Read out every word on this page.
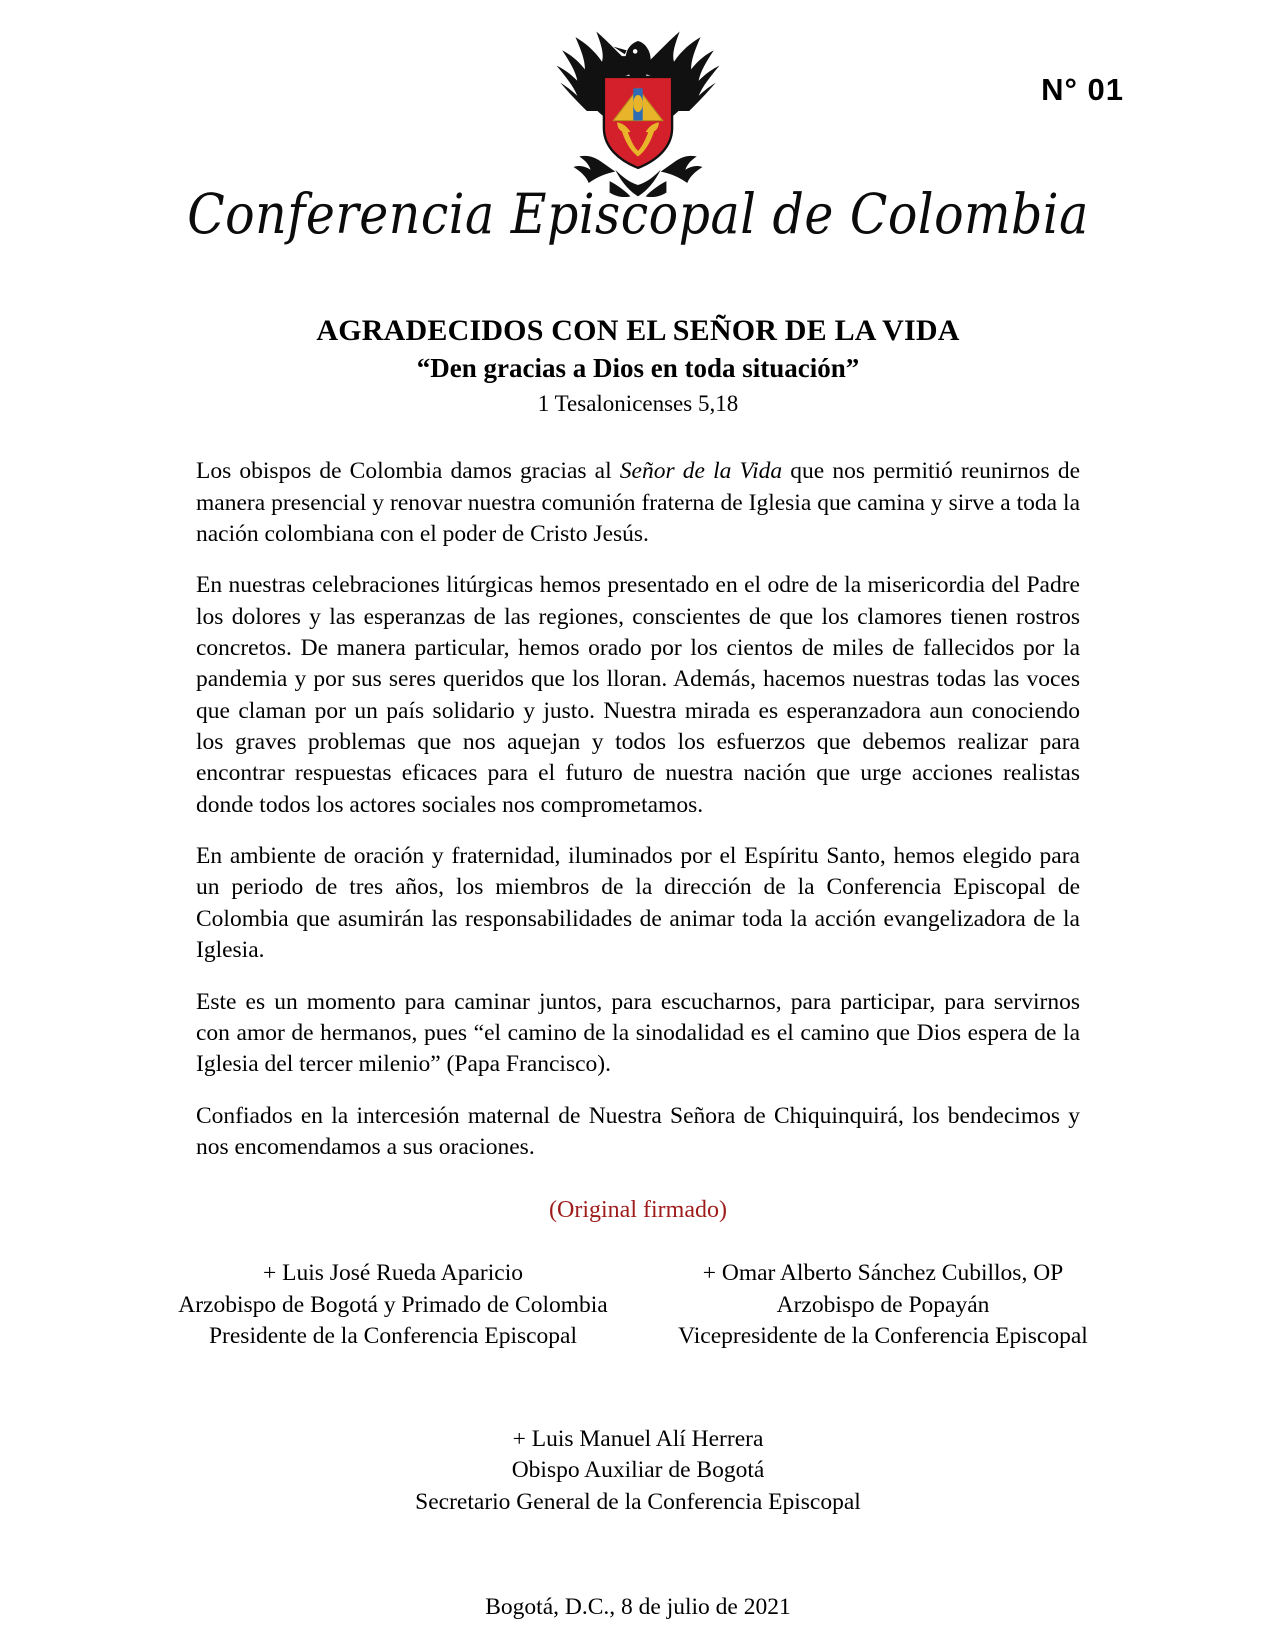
N° 01
Conferencia Episcopal de Colombia
AGRADECIDOS CON EL SEÑOR DE LA VIDA
“Den gracias a Dios en toda situación”
1 Tesalonicenses 5,18

Los obispos de Colombia damos gracias al Señor de la Vida que nos permitió reunirnos de manera presencial y renovar nuestra comunión fraterna de Iglesia que camina y sirve a toda la nación colombiana con el poder de Cristo Jesús.

En nuestras celebraciones litúrgicas hemos presentado en el odre de la misericordia del Padre los dolores y las esperanzas de las regiones, conscientes de que los clamores tienen rostros concretos. De manera particular, hemos orado por los cientos de miles de fallecidos por la pandemia y por sus seres queridos que los lloran. Además, hacemos nuestras todas las voces que claman por un país solidario y justo. Nuestra mirada es esperanzadora aun conociendo los graves problemas que nos aquejan y todos los esfuerzos que debemos realizar para encontrar respuestas eficaces para el futuro de nuestra nación que urge acciones realistas donde todos los actores sociales nos comprometamos.

En ambiente de oración y fraternidad, iluminados por el Espíritu Santo, hemos elegido para un periodo de tres años, los miembros de la dirección de la Conferencia Episcopal de Colombia que asumirán las responsabilidades de animar toda la acción evangelizadora de la Iglesia.

Este es un momento para caminar juntos, para escucharnos, para participar, para servirnos con amor de hermanos, pues “el camino de la sinodalidad es el camino que Dios espera de la Iglesia del tercer milenio” (Papa Francisco).

Confiados en la intercesión maternal de Nuestra Señora de Chiquinquirá, los bendecimos y nos encomendamos a sus oraciones.

(Original firmado)
+ Luis José Rueda Aparicio
Arzobispo de Bogotá y Primado de Colombia
Presidente de la Conferencia Episcopal
+ Omar Alberto Sánchez Cubillos, OP
Arzobispo de Popayán
Vicepresidente de la Conferencia Episcopal
+ Luis Manuel Alí Herrera
Obispo Auxiliar de Bogotá
Secretario General de la Conferencia Episcopal
Bogotá, D.C., 8 de julio de 2021
